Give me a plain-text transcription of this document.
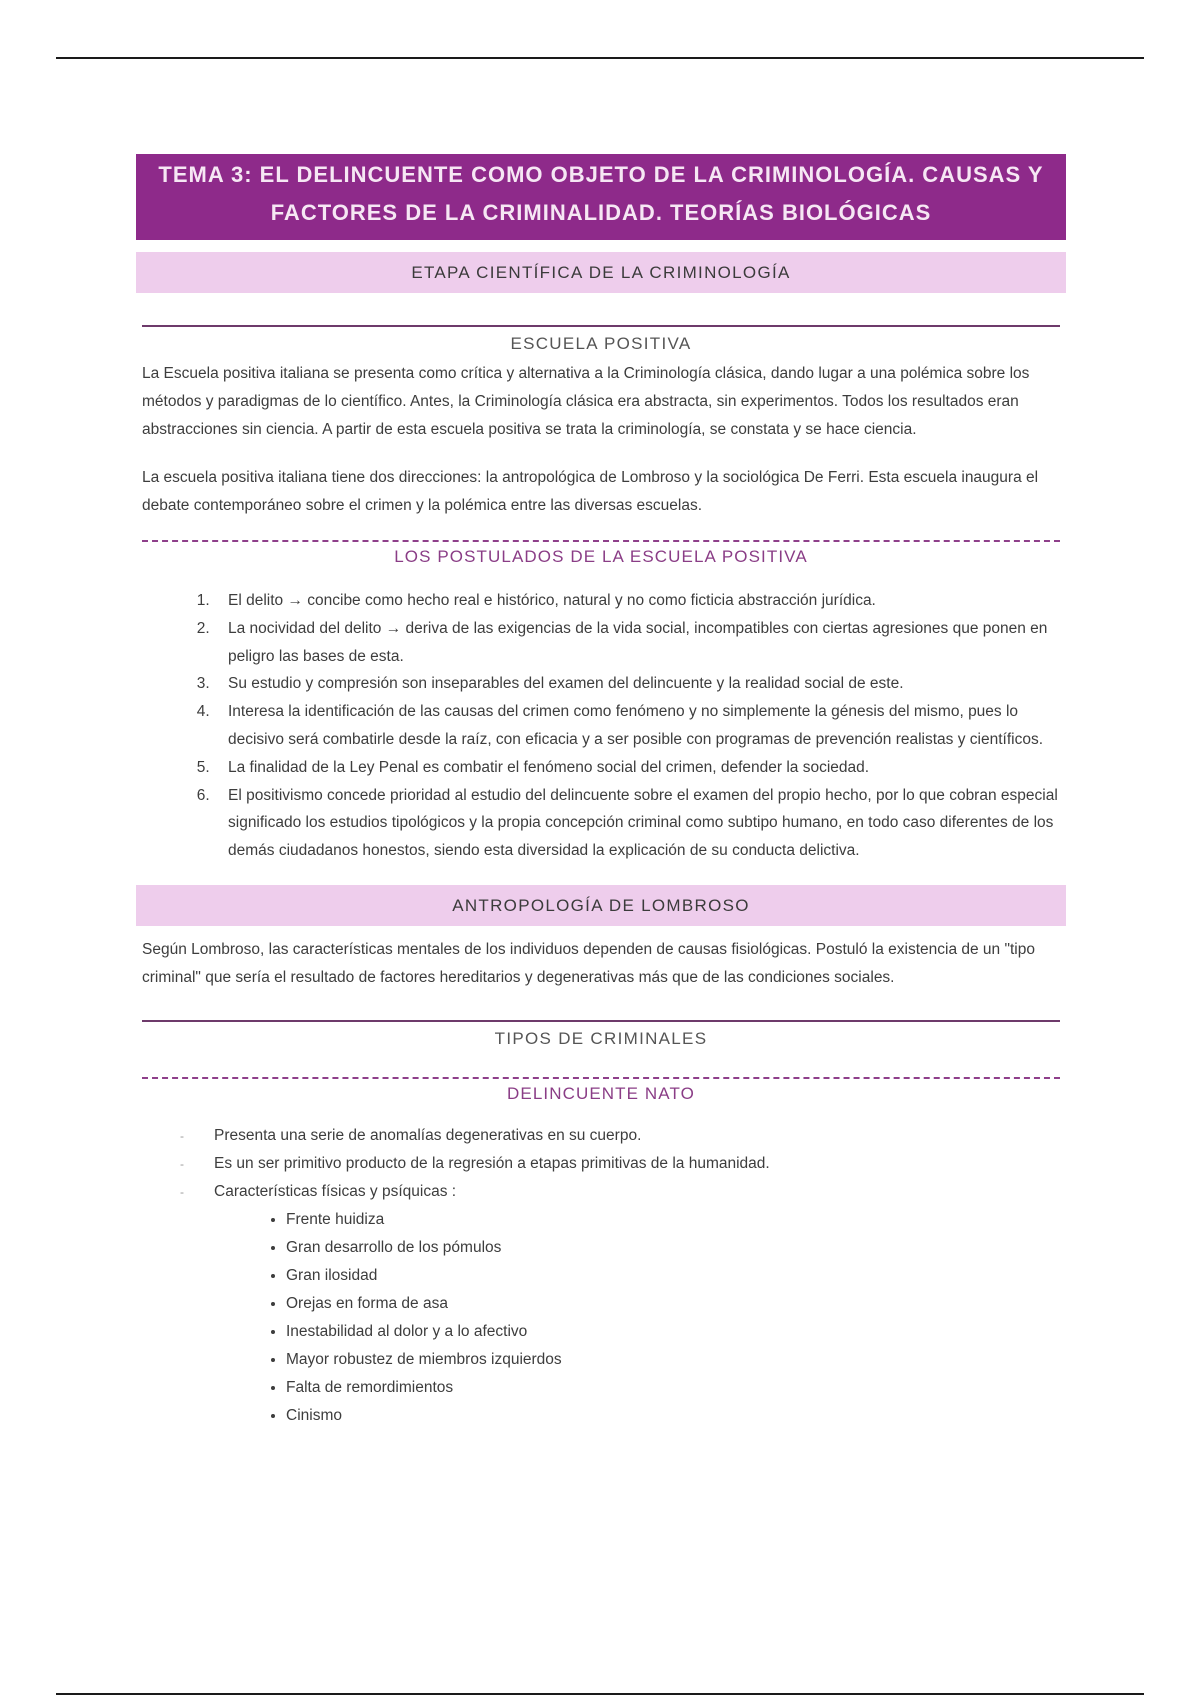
TEMA 3: EL DELINCUENTE COMO OBJETO DE LA CRIMINOLOGÍA. CAUSAS Y FACTORES DE LA CRIMINALIDAD. TEORÍAS BIOLÓGICAS
ETAPA CIENTÍFICA DE LA CRIMINOLOGÍA
ESCUELA POSITIVA

La Escuela positiva italiana se presenta como crítica y alternativa a la Criminología clásica, dando lugar a una polémica sobre los métodos y paradigmas de lo científico. Antes, la Criminología clásica era abstracta, sin experimentos. Todos los resultados eran abstracciones sin ciencia. A partir de esta escuela positiva se trata la criminología, se constata y se hace ciencia.

La escuela positiva italiana tiene dos direcciones: la antropológica de Lombroso y la sociológica De Ferri. Esta escuela inaugura el debate contemporáneo sobre el crimen y la polémica entre las diversas escuelas.

LOS POSTULADOS DE LA ESCUELA POSITIVA
1. El delito → concibe como hecho real e histórico, natural y no como ficticia abstracción jurídica.
2. La nocividad del delito → deriva de las exigencias de la vida social, incompatibles con ciertas agresiones que ponen en peligro las bases de esta.
3. Su estudio y compresión son inseparables del examen del delincuente y la realidad social de este.
4. Interesa la identificación de las causas del crimen como fenómeno y no simplemente la génesis del mismo, pues lo decisivo será combatirle desde la raíz, con eficacia y a ser posible con programas de prevención realistas y científicos.
5. La finalidad de la Ley Penal es combatir el fenómeno social del crimen, defender la sociedad.
6. El positivismo concede prioridad al estudio del delincuente sobre el examen del propio hecho, por lo que cobran especial significado los estudios tipológicos y la propia concepción criminal como subtipo humano, en todo caso diferentes de los demás ciudadanos honestos, siendo esta diversidad la explicación de su conducta delictiva.
ANTROPOLOGÍA DE LOMBROSO

Según Lombroso, las características mentales de los individuos dependen de causas fisiológicas. Postuló la existencia de un "tipo criminal" que sería el resultado de factores hereditarios y degenerativas más que de las condiciones sociales.

TIPOS DE CRIMINALES
DELINCUENTE NATO
- Presenta una serie de anomalías degenerativas en su cuerpo.
- Es un ser primitivo producto de la regresión a etapas primitivas de la humanidad.
- Características físicas y psíquicas :
• Frente huidiza
• Gran desarrollo de los pómulos
• Gran ilosidad
• Orejas en forma de asa
• Inestabilidad al dolor y a lo afectivo
• Mayor robustez de miembros izquierdos
• Falta de remordimientos
• Cinismo
